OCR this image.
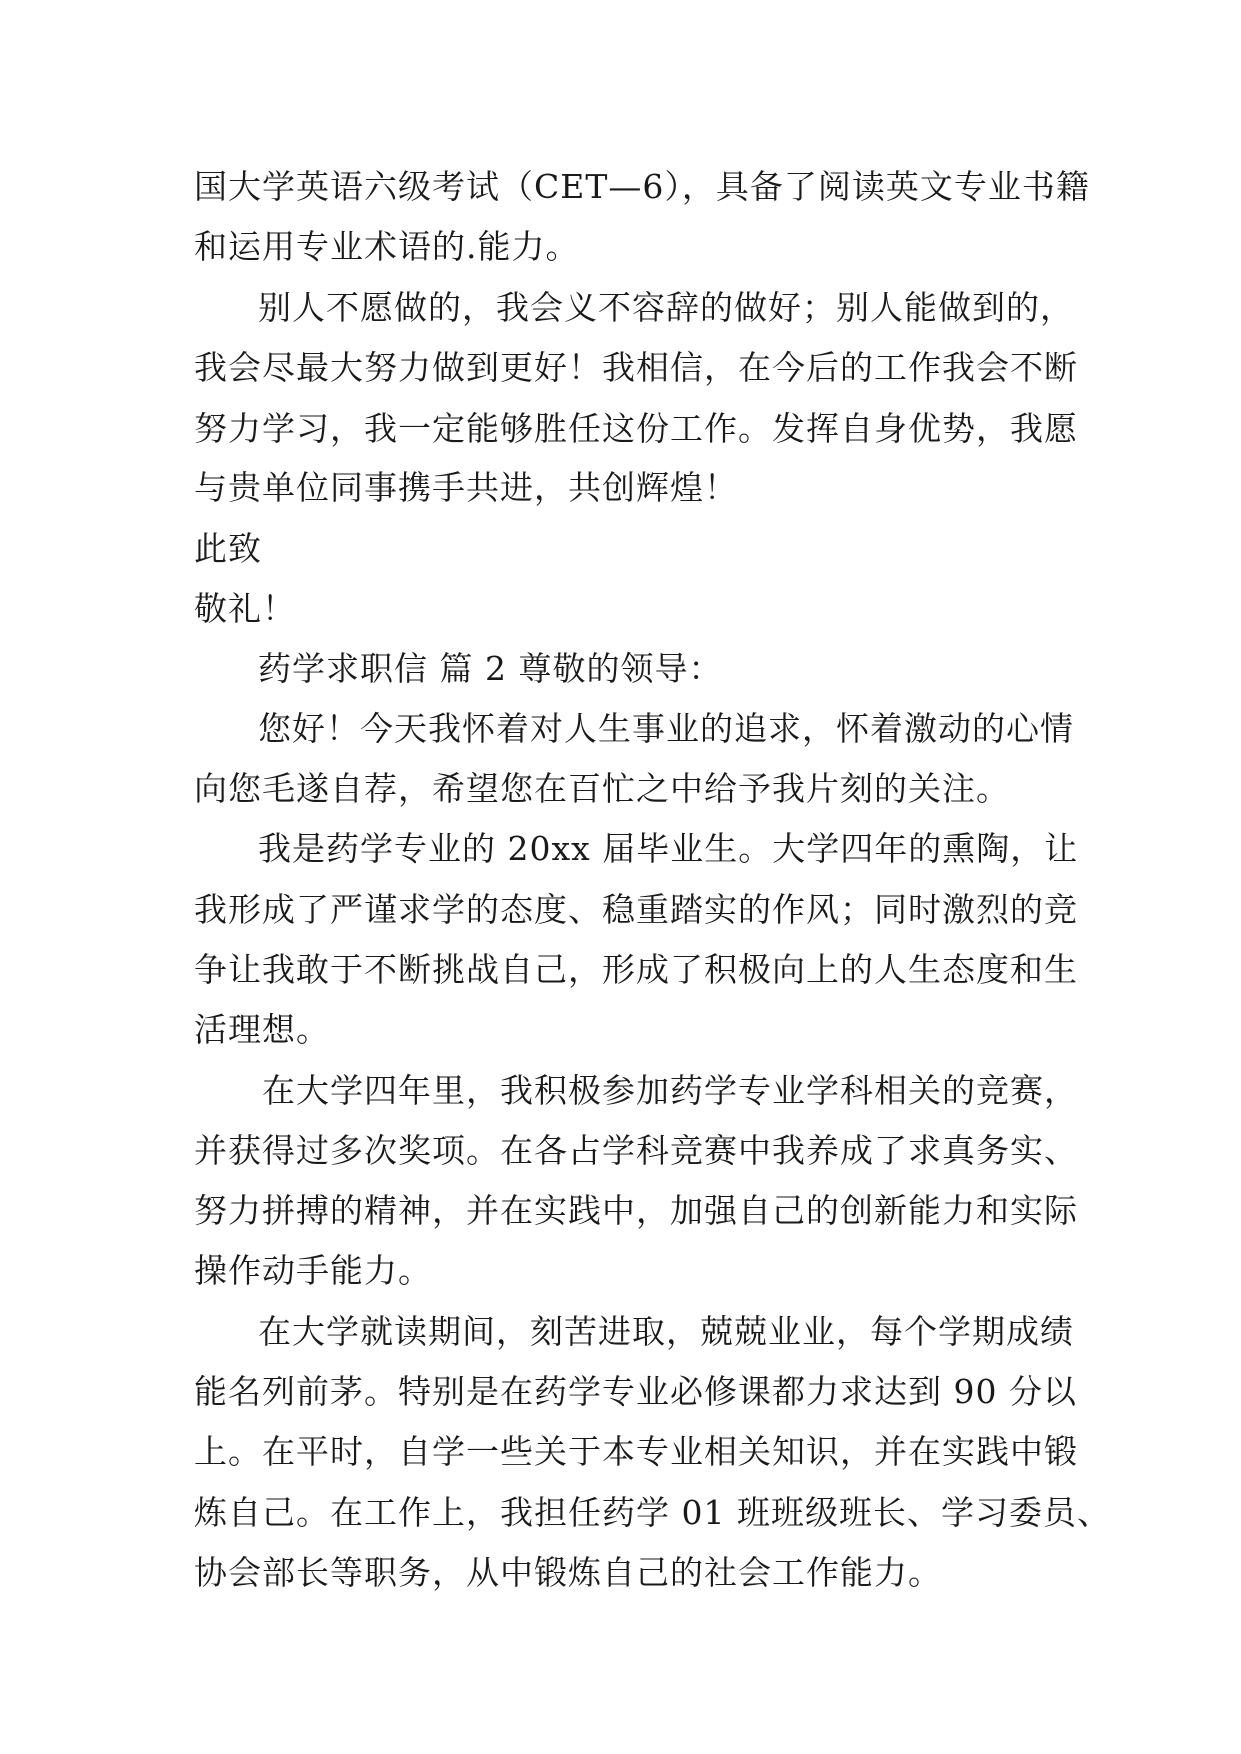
国大学英语六级考试（CET—6），具备了阅读英文专业书籍
和运用专业术语的.能力。
别人不愿做的，我会义不容辞的做好；别人能做到的，
我会尽最大努力做到更好！我相信，在今后的工作我会不断
努力学习，我一定能够胜任这份工作。发挥自身优势，我愿
与贵单位同事携手共进，共创辉煌！
此致
敬礼！
药学求职信 篇 2 尊敬的领导：
您好！今天我怀着对人生事业的追求，怀着激动的心情
向您毛遂自荐，希望您在百忙之中给予我片刻的关注。
我是药学专业的 20xx 届毕业生。大学四年的熏陶，让
我形成了严谨求学的态度、稳重踏实的作风；同时激烈的竞
争让我敢于不断挑战自己，形成了积极向上的人生态度和生
活理想。
在大学四年里，我积极参加药学专业学科相关的竞赛，
并获得过多次奖项。在各占学科竞赛中我养成了求真务实、
努力拼搏的精神，并在实践中，加强自己的创新能力和实际
操作动手能力。
在大学就读期间，刻苦进取，兢兢业业，每个学期成绩
能名列前茅。特别是在药学专业必修课都力求达到 90 分以
上。在平时，自学一些关于本专业相关知识，并在实践中锻
炼自己。在工作上，我担任药学 01 班班级班长、学习委员、
协会部长等职务，从中锻炼自己的社会工作能力。
